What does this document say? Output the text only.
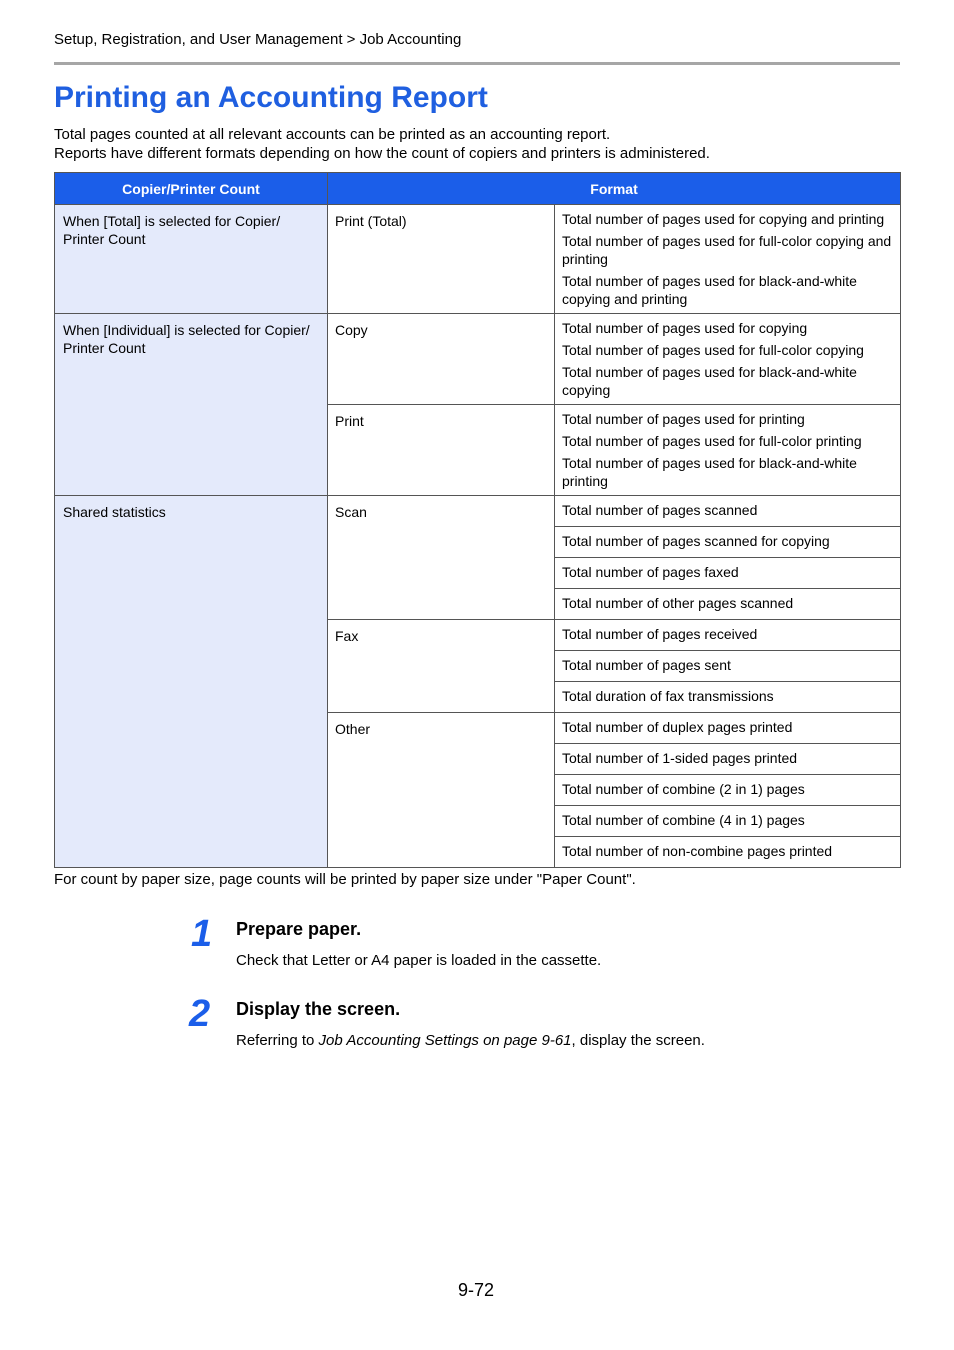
Setup, Registration, and User Management > Job Accounting
Printing an Accounting Report
Total pages counted at all relevant accounts can be printed as an accounting report.
Reports have different formats depending on how the count of copiers and printers is administered.
Copier/Printer Count	Format	
When [Total] is selected for Copier/ Printer Count	Print (Total)	Total number of pages used for copying and printing
Total number of pages used for full-color copying and printing
Total number of pages used for black-and-white copying and printing

When [Individual] is selected for Copier/ Printer Count	Copy	Total number of pages used for copying
Total number of pages used for full-color copying
Total number of pages used for black-and-white copying

	Print	Total number of pages used for printing
Total number of pages used for full-color printing
Total number of pages used for black-and-white printing

Shared statistics	Scan	Total number of pages scanned

		Total number of pages scanned for copying

		Total number of pages faxed

		Total number of other pages scanned

	Fax	Total number of pages received

		Total number of pages sent

		Total duration of fax transmissions

	Other	Total number of duplex pages printed

		Total number of 1-sided pages printed

		Total number of combine (2 in 1) pages

		Total number of combine (4 in 1) pages

		Total number of non-combine pages printed
For count by paper size, page counts will be printed by paper size under "Paper Count".
1 Prepare paper.
Check that Letter or A4 paper is loaded in the cassette.
2 Display the screen.
Referring to Job Accounting Settings on page 9-61, display the screen.
9-72
